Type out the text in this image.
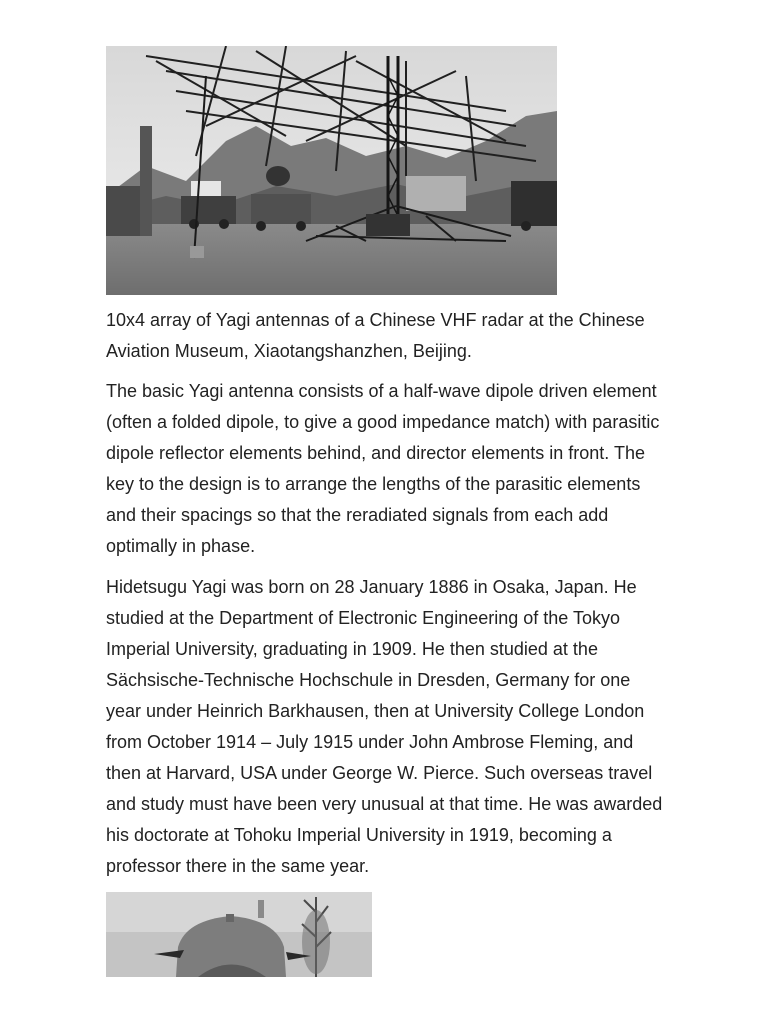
10x4 array of Yagi antennas of a Chinese VHF radar at the Chinese Aviation Museum, Xiaotangshanzhen, Beijing.

The basic Yagi antenna consists of a half-wave dipole driven element (often a folded dipole, to give a good impedance match) with parasitic dipole reflector elements behind, and director elements in front. The key to the design is to arrange the lengths of the parasitic elements and their spacings so that the reradiated signals from each add optimally in phase.

Hidetsugu Yagi was born on 28 January 1886 in Osaka, Japan. He studied at the Department of Electronic Engineering of the Tokyo Imperial University, graduating in 1909. He then studied at the Sächsische-Technische Hochschule in Dresden, Germany for one year under Heinrich Barkhausen, then at University College London from October 1914 – July 1915 under John Ambrose Fleming, and then at Harvard, USA under George W. Pierce. Such overseas travel and study must have been very unusual at that time. He was awarded his doctorate at Tohoku Imperial University in 1919, becoming a professor there in the same year.
